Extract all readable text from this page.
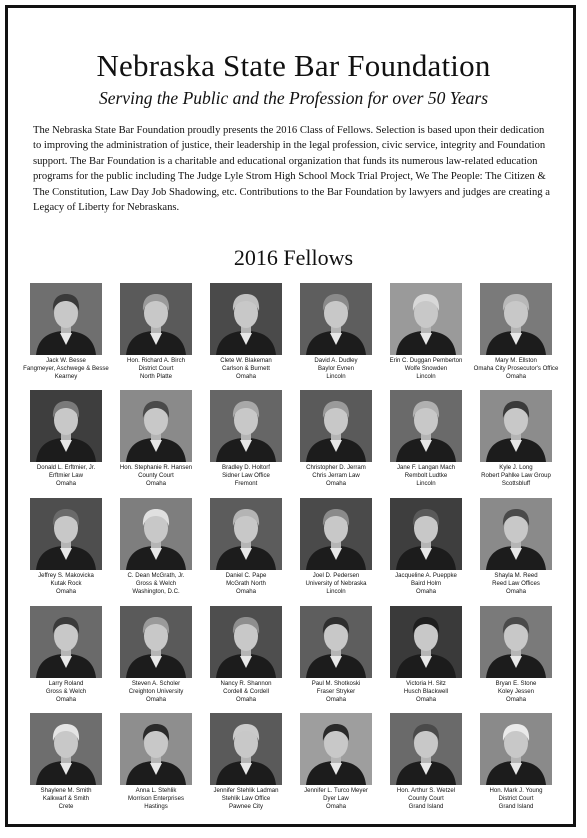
Nebraska State Bar Foundation
Serving the Public and the Profession for over 50 Years
The Nebraska State Bar Foundation proudly presents the 2016 Class of Fellows. Selection is based upon their dedication to improving the administration of justice, their leadership in the legal profession, civic service, integrity and Foundation support. The Bar Foundation is a charitable and educational organization that funds its numerous law-related education programs for the public including The Judge Lyle Strom High School Mock Trial Project, We The People: The Citizen & The Constitution, Law Day Job Shadowing, etc. Contributions to the Bar Foundation by lawyers and judges are creating a Legacy of Liberty for Nebraskans.
2016 Fellows
Jack W. Besse
Fangmeyer, Aschwege & Besse
Kearney
Hon. Richard A. Birch
District Court
North Platte
Clete W. Blakeman
Carlson & Burnett
Omaha
David A. Dudley
Baylor Evnen
Lincoln
Erin C. Duggan Pemberton
Wolfe Snowden
Lincoln
Mary M. Ellston
Omaha City Prosecutor's Office
Omaha
Donald L. Erftmier, Jr.
Erftmier Law
Omaha
Hon. Stephanie R. Hansen
County Court
Omaha
Bradley D. Holtorf
Sidner Law Office
Fremont
Christopher D. Jerram
Chris Jerram Law
Omaha
Jane F. Langan Mach
Rembolt Ludtke
Lincoln
Kyle J. Long
Robert Pahlke Law Group
Scottsbluff
Jeffrey S. Makovicka
Kutak Rock
Omaha
C. Dean McGrath, Jr.
Gross & Welch
Washington, D.C.
Daniel C. Pape
McGrath North
Omaha
Joel D. Pedersen
University of Nebraska
Lincoln
Jacqueline A. Pueppke
Baird Holm
Omaha
Shayla M. Reed
Reed Law Offices
Omaha
Larry Roland
Gross & Welch
Omaha
Steven A. Scholer
Creighton University
Omaha
Nancy R. Shannon
Cordell & Cordell
Omaha
Paul M. Shotkoski
Fraser Stryker
Omaha
Victoria H. Sitz
Husch Blackwell
Omaha
Bryan E. Stone
Koley Jessen
Omaha
Shaylene M. Smith
Kalkwarf & Smith
Crete
Anna L. Stehlik
Morrison Enterprises
Hastings
Jennifer Stehlik Ladman
Stehlik Law Office
Pawnee City
Jennifer L. Turco Meyer
Dyer Law
Omaha
Hon. Arthur S. Wetzel
County Court
Grand Island
Hon. Mark J. Young
District Court
Grand Island
